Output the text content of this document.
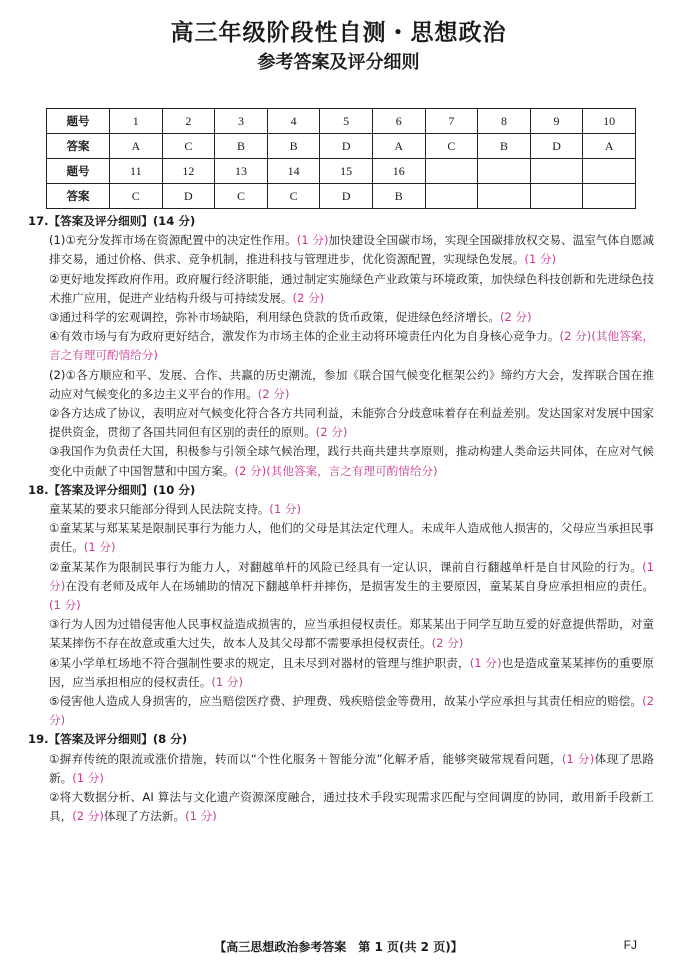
高三年级阶段性自测・思想政治
参考答案及评分细则
题号	1	2	3	4	5	6	7	8	9	10
答案	A	C	B	B	D	A	C	B	D	A
题号	11	12	13	14	15	16				
答案	C	D	C	C	D	B				

17.【答案及评分细则】(14 分)

(1)①充分发挥市场在资源配置中的决定性作用。(1 分)加快建设全国碳市场，实现全国碳排放权交易、温室气体自愿减排交易，通过价格、供求、竞争机制，推进科技与管理进步，优化资源配置，实现绿色发展。(1 分)

②更好地发挥政府作用。政府履行经济职能，通过制定实施绿色产业政策与环境政策，加快绿色科技创新和先进绿色技术推广应用，促进产业结构升级与可持续发展。(2 分)

③通过科学的宏观调控，弥补市场缺陷，利用绿色贷款的货币政策，促进绿色经济增长。(2 分)

④有效市场与有为政府更好结合，激发作为市场主体的企业主动将环境责任内化为自身核心竞争力。(2 分)(其他答案，言之有理可酌情给分)

(2)①各方顺应和平、发展、合作、共赢的历史潮流，参加《联合国气候变化框架公约》缔约方大会，发挥联合国在推动应对气候变化的多边主义平台的作用。(2 分)

②各方达成了协议，表明应对气候变化符合各方共同利益，未能弥合分歧意味着存在利益差别。发达国家对发展中国家提供资金，贯彻了各国共同但有区别的责任的原则。(2 分)

③我国作为负责任大国，积极参与引领全球气候治理，践行共商共建共享原则，推动构建人类命运共同体，在应对气候变化中贡献了中国智慧和中国方案。(2 分)(其他答案，言之有理可酌情给分)

18.【答案及评分细则】(10 分)

童某某的要求只能部分得到人民法院支持。(1 分)

①童某某与郑某某是限制民事行为能力人，他们的父母是其法定代理人。未成年人造成他人损害的，父母应当承担民事责任。(1 分)

②童某某作为限制民事行为能力人，对翻越单杆的风险已经具有一定认识，课前自行翻越单杆是自甘风险的行为。(1 分)在没有老师及成年人在场辅助的情况下翻越单杆并摔伤，是损害发生的主要原因，童某某自身应承担相应的责任。(1 分)

③行为人因为过错侵害他人民事权益造成损害的，应当承担侵权责任。郑某某出于同学互助互爱的好意提供帮助，对童某某摔伤不存在故意或重大过失，故本人及其父母都不需要承担侵权责任。(2 分)

④某小学单杠场地不符合强制性要求的规定，且未尽到对器材的管理与维护职责，(1 分)也是造成童某某摔伤的重要原因，应当承担相应的侵权责任。(1 分)

⑤侵害他人造成人身损害的，应当赔偿医疗费、护理费、残疾赔偿金等费用，故某小学应承担与其责任相应的赔偿。(2 分)

19.【答案及评分细则】(8 分)

①摒弃传统的限流或涨价措施，转而以“个性化服务＋智能分流”化解矛盾，能够突破常规看问题，(1 分)体现了思路新。(1 分)

②将大数据分析、AI 算法与文化遗产资源深度融合，通过技术手段实现需求匹配与空间调度的协同，敢用新手段新工具，(2 分)体现了方法新。(1 分)

【高三思想政治参考答案　第 1 页(共 2 页)】	FJ
